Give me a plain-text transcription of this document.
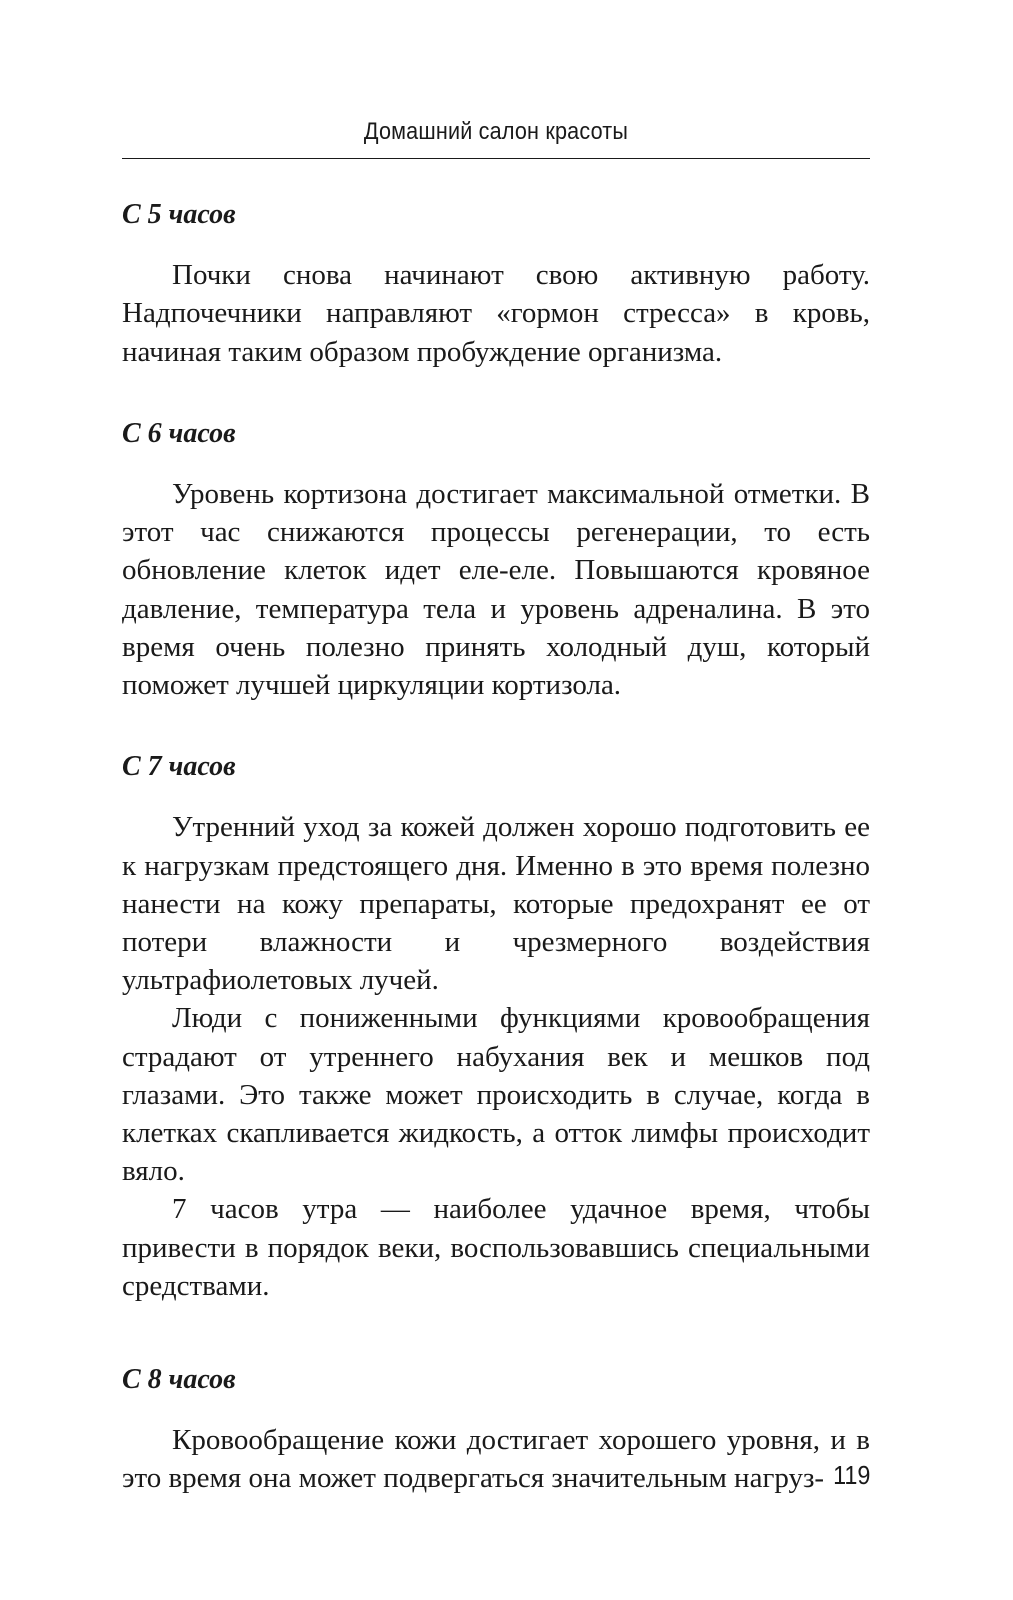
Домашний салон красоты
С 5 часов

Почки снова начинают свою активную работу. Надпочечники направляют «гормон стресса» в кровь, начиная таким образом пробуждение организма.

С 6 часов

Уровень кортизона достигает максимальной отметки. В этот час снижаются процессы регенерации, то есть обновление клеток идет еле-еле. Повышаются кровяное давление, температура тела и уровень адреналина. В это время очень полезно принять холодный душ, который поможет лучшей циркуляции кортизола.

С 7 часов

Утренний уход за кожей должен хорошо подготовить ее к нагрузкам предстоящего дня. Именно в это время полезно нанести на кожу препараты, которые предохранят ее от потери влажности и чрезмерного воздействия ультрафиолетовых лучей.

Люди с пониженными функциями кровообращения страдают от утреннего набухания век и мешков под глазами. Это также может происходить в случае, когда в клетках скапливается жидкость, а отток лимфы происходит вяло.

7 часов утра — наиболее удачное время, чтобы привести в порядок веки, воспользовавшись специальными средствами.

С 8 часов

Кровообращение кожи достигает хорошего уровня, и в это время она может подвергаться значительным нагруз- 119
